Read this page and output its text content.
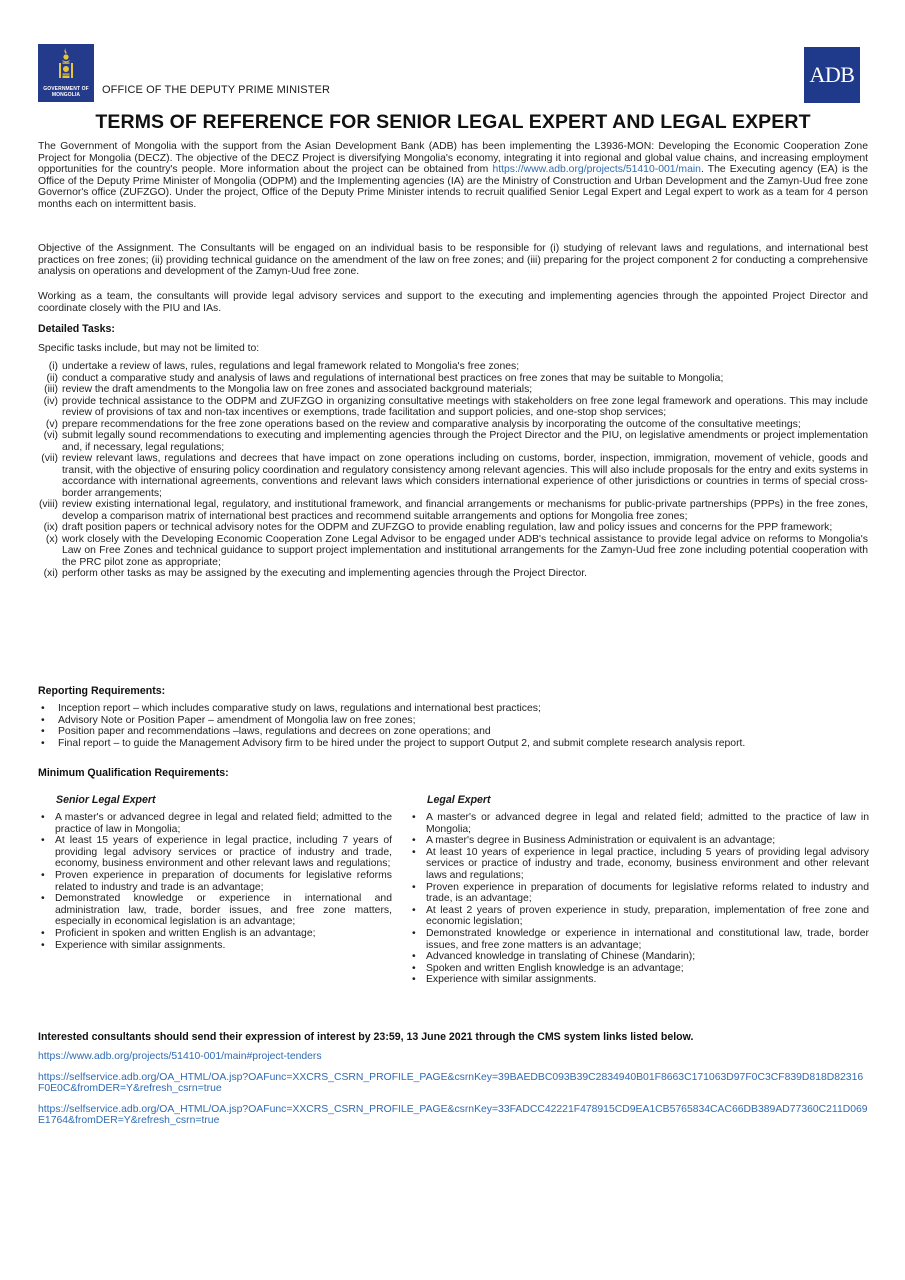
GOVERNMENT OF MONGOLIA	OFFICE OF THE DEPUTY PRIME MINISTER
ADB
TERMS OF REFERENCE FOR SENIOR LEGAL EXPERT AND LEGAL EXPERT

The Government of Mongolia with the support from the Asian Development Bank (ADB) has been implementing the L3936-MON: Developing the Economic Cooperation Zone Project for Mongolia (DECZ). The objective of the DECZ Project is diversifying Mongolia's economy, integrating it into regional and global value chains, and increasing employment opportunities for the country's people. More information about the project can be obtained from https://www.adb.org/projects/51410-001/main. The Executing agency (EA) is the Office of the Deputy Prime Minister of Mongolia (ODPM) and the Implementing agencies (IA) are the Ministry of Construction and Urban Development and the Zamyn-Uud free zone Governor's office (ZUFZGO). Under the project, Office of the Deputy Prime Minister intends to recruit qualified Senior Legal Expert and Legal expert to work as a team for 4 person months each on intermittent basis.

Objective of the Assignment. The Consultants will be engaged on an individual basis to be responsible for (i) studying of relevant laws and regulations, and international best practices on free zones; (ii) providing technical guidance on the amendment of the law on free zones; and (iii) preparing for the project component 2 for conducting a comprehensive analysis on operations and development of the Zamyn-Uud free zone.
Working as a team, the consultants will provide legal advisory services and support to the executing and implementing agencies through the appointed Project Director and coordinate closely with the PIU and IAs.
Detailed Tasks:
Specific tasks include, but may not be limited to:
(i) undertake a review of laws, rules, regulations and legal framework related to Mongolia's free zones;
(ii) conduct a comparative study and analysis of laws and regulations of international best practices on free zones that may be suitable to Mongolia;
(iii) review the draft amendments to the Mongolia law on free zones and associated background materials;
(iv) provide technical assistance to the ODPM and ZUFZGO in organizing consultative meetings with stakeholders on free zone legal framework and operations. This may include review of provisions of tax and non-tax incentives or exemptions, trade facilitation and support policies, and one-stop shop services;
(v) prepare recommendations for the free zone operations based on the review and comparative analysis by incorporating the outcome of the consultative meetings;
(vi) submit legally sound recommendations to executing and implementing agencies through the Project Director and the PIU, on legislative amendments or project implementation and, if necessary, legal regulations;
(vii) review relevant laws, regulations and decrees that have impact on zone operations including on customs, border, inspection, immigration, movement of vehicle, goods and transit, with the objective of ensuring policy coordination and regulatory consistency among relevant agencies. This will also include proposals for the entry and exits systems in accordance with international agreements, conventions and relevant laws which considers international experience of other jurisdictions or countries in terms of special cross-border arrangements;
(viii) review existing international legal, regulatory, and institutional framework, and financial arrangements or mechanisms for public-private partnerships (PPPs) in the free zones, develop a comparison matrix of international best practices and recommend suitable arrangements and options for Mongolia free zones;
(ix) draft position papers or technical advisory notes for the ODPM and ZUFZGO to provide enabling regulation, law and policy issues and concerns for the PPP framework;
(x) work closely with the Developing Economic Cooperation Zone Legal Advisor to be engaged under ADB's technical assistance to provide legal advice on reforms to Mongolia's Law on Free Zones and technical guidance to support project implementation and institutional arrangements for the Zamyn-Uud free zone including potential cooperation with the PRC pilot zone as appropriate;
(xi) perform other tasks as may be assigned by the executing and implementing agencies through the Project Director.
Reporting Requirements:
• Inception report – which includes comparative study on laws, regulations and international best practices;
• Advisory Note or Position Paper – amendment of Mongolia law on free zones;
• Position paper and recommendations –laws, regulations and decrees on zone operations; and
• Final report – to guide the Management Advisory firm to be hired under the project to support Output 2, and submit complete research analysis report.
Minimum Qualification Requirements:
Senior Legal Expert
• A master's or advanced degree in legal and related field; admitted to the practice of law in Mongolia;
• At least 15 years of experience in legal practice, including 7 years of providing legal advisory services or practice of industry and trade, economy, business environment and other relevant laws and regulations;
• Proven experience in preparation of documents for legislative reforms related to industry and trade is an advantage;
• Demonstrated knowledge or experience in international and administration law, trade, border issues, and free zone matters, especially in economical legislation is an advantage;
• Proficient in spoken and written English is an advantage;
• Experience with similar assignments.
Legal Expert
• A master's or advanced degree in legal and related field; admitted to the practice of law in Mongolia;
• A master's degree in Business Administration or equivalent is an advantage;
• At least 10 years of experience in legal practice, including 5 years of providing legal advisory services or practice of industry and trade, economy, business environment and other relevant laws and regulations;
• Proven experience in preparation of documents for legislative reforms related to industry and trade, is an advantage;
• At least 2 years of proven experience in study, preparation, implementation of free zone and economic legislation;
• Demonstrated knowledge or experience in international and constitutional law, trade, border issues, and free zone matters is an advantage;
• Advanced knowledge in translating of Chinese (Mandarin);
• Spoken and written English knowledge is an advantage;
• Experience with similar assignments.
Interested consultants should send their expression of interest by 23:59, 13 June 2021 through the CMS system links listed below.
https://www.adb.org/projects/51410-001/main#project-tenders
https://selfservice.adb.org/OA_HTML/OA.jsp?OAFunc=XXCRS_CSRN_PROFILE_PAGE&csrnKey=39BAEDBC093B39C2834940B01F8663C171063D97F0C3CF839D818D82316F0E0C&fromDER=Y&refresh_csrn=true
https://selfservice.adb.org/OA_HTML/OA.jsp?OAFunc=XXCRS_CSRN_PROFILE_PAGE&csrnKey=33FADCC42221F478915CD9EA1CB5765834CAC66DB389AD77360C211D069E1764&fromDER=Y&refresh_csrn=true
